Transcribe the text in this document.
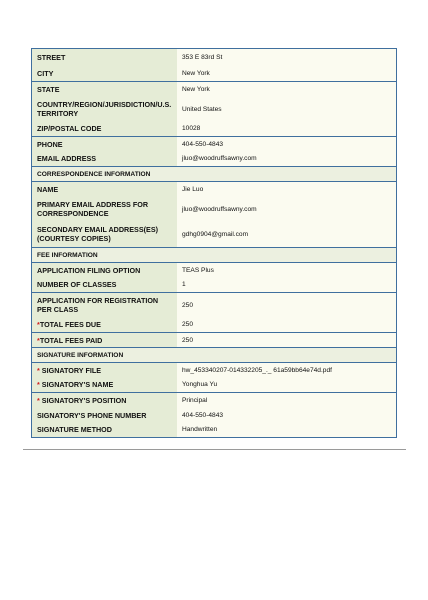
STREET	353 E 83rd St
CITY	New York
STATE	New York
COUNTRY/REGION/JURISDICTION/U.S. TERRITORY	United States
ZIP/POSTAL CODE	10028
PHONE	404-550-4843
EMAIL ADDRESS	jluo@woodruffsawny.com
CORRESPONDENCE INFORMATION	
NAME	Jie Luo
PRIMARY EMAIL ADDRESS FOR CORRESPONDENCE	jluo@woodruffsawny.com
SECONDARY EMAIL ADDRESS(ES) (COURTESY COPIES)	gdhg0904@gmail.com
FEE INFORMATION	
APPLICATION FILING OPTION	TEAS Plus
NUMBER OF CLASSES	1
APPLICATION FOR REGISTRATION PER CLASS	250
*TOTAL FEES DUE	250
*TOTAL FEES PAID	250
SIGNATURE INFORMATION	
* SIGNATORY FILE	hw_453340207-014332205_._ 61a59bb64e74d.pdf
* SIGNATORY'S NAME	Yonghua Yu
* SIGNATORY'S POSITION	Principal
SIGNATORY'S PHONE NUMBER	404-550-4843
SIGNATURE METHOD	Handwritten
